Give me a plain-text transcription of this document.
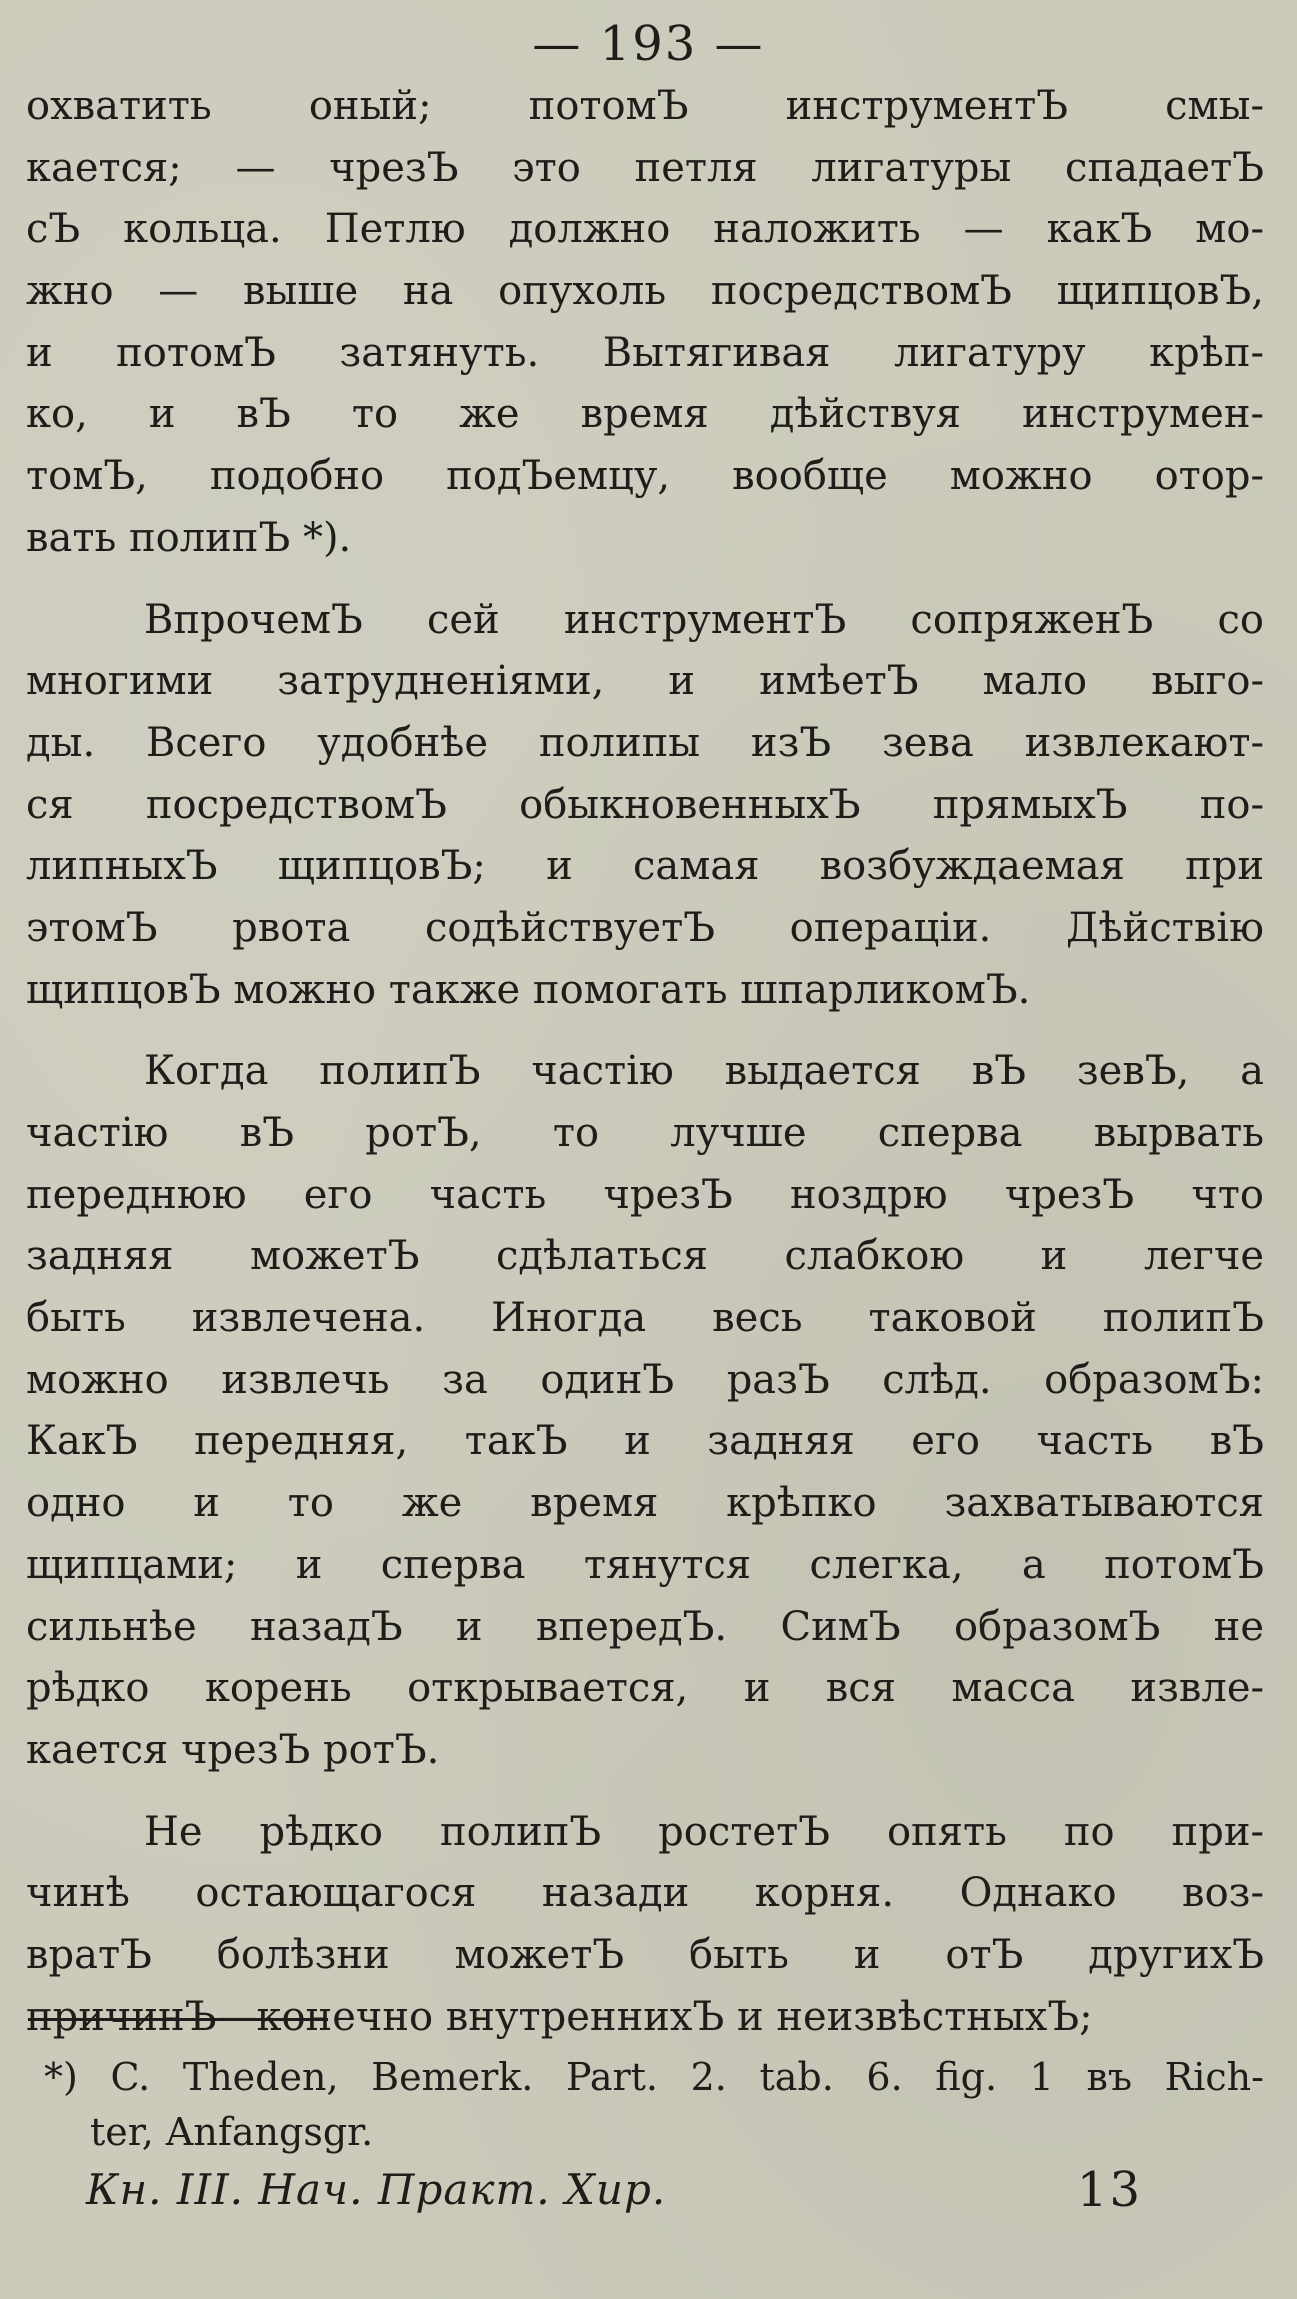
— 193 —
охватить оный; потомЪ инструментЪ смы-
кается; — чрезЪ это петля лигатуры спадаетЪ
сЪ кольца. Петлю должно наложить — какЪ мо-
жно — выше на опухоль посредствомЪ щипцовЪ,
и потомЪ затянуть. Вытягивая лигатуру крѣп-
ко, и вЪ то же время дѣйствуя инструмен-
томЪ, подобно подЪемцу, вообще можно отор-
вать полипЪ *).
ВпрочемЪ сей инструментЪ сопряженЪ со
многими затрудненіями, и имѣетЪ мало выго-
ды. Всего удобнѣе полипы изЪ зева извлекают-
ся посредствомЪ обыкновенныхЪ прямыхЪ по-
липныхЪ щипцовЪ; и самая возбуждаемая при
этомЪ рвота содѣйствуетЪ операціи. Дѣйствію
щипцовЪ можно также помогать шпарликомЪ.
Когда полипЪ частію выдается вЪ зевЪ, а
частію вЪ ротЪ, то лучше сперва вырвать
переднюю его часть чрезЪ ноздрю чрезЪ что
задняя можетЪ сдѣлаться слабкою и легче
быть извлечена. Иногда весь таковой полипЪ
можно извлечь за одинЪ разЪ слѣд. образомЪ:
КакЪ передняя, такЪ и задняя его часть вЪ
одно и то же время крѣпко захватываются
щипцами; и сперва тянутся слегка, а потомЪ
сильнѣе назадЪ и впередЪ. СимЪ образомЪ не
рѣдко корень открывается, и вся масса извле-
кается чрезЪ ротЪ.
Не рѣдко полипЪ ростетЪ опять по при-
чинѣ остающагося назади корня. Однако воз-
вратЪ болѣзни можетЪ быть и отЪ другихЪ
причинЪ—конечно внутреннихЪ и неизвѣстныхЪ;
*) C. Theden, Bemerk. Part. 2. tab. 6. fig. 1 въ Rich-
ter, Anfangsgr.
Кн. III. Нач. Практ. Хир.	13
